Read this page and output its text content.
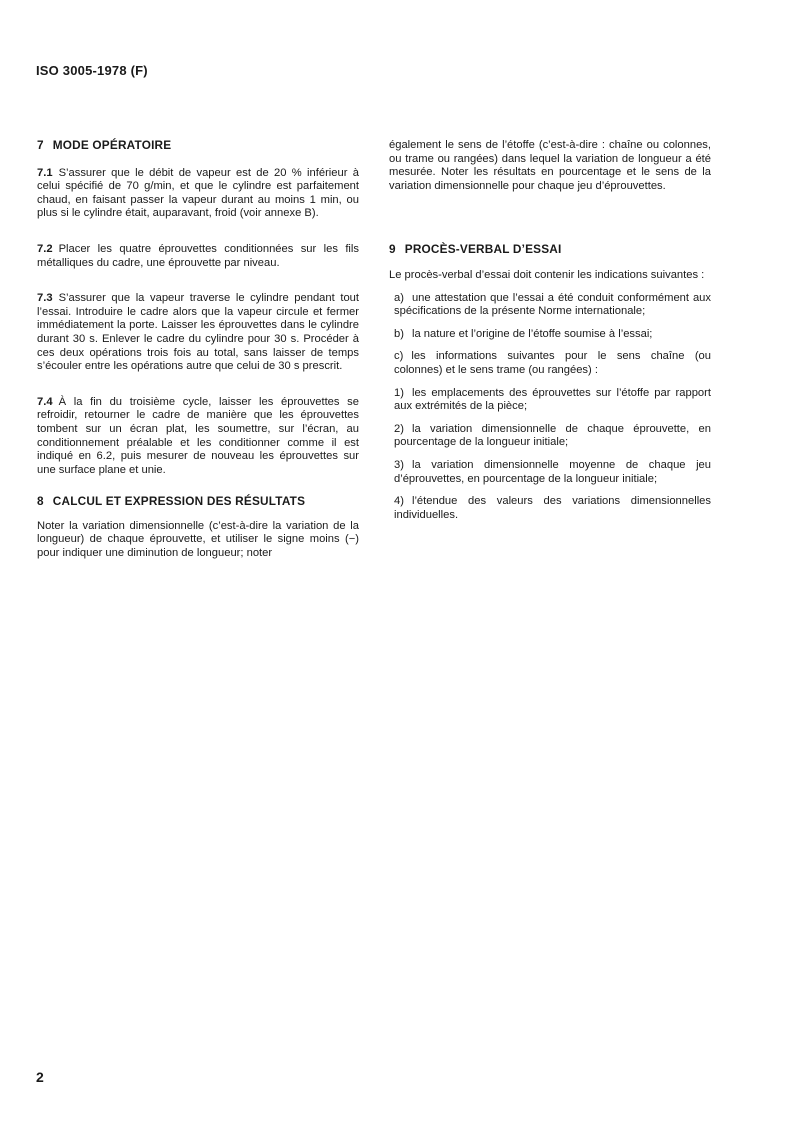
ISO 3005-1978 (F)
7 MODE OPÉRATOIRE

7.1 S’assurer que le débit de vapeur est de 20 % inférieur à celui spécifié de 70 g/min, et que le cylindre est parfaitement chaud, en faisant passer la vapeur durant au moins 1 min, ou plus si le cylindre était, auparavant, froid (voir annexe B).

7.2 Placer les quatre éprouvettes conditionnées sur les fils métalliques du cadre, une éprouvette par niveau.

7.3 S’assurer que la vapeur traverse le cylindre pendant tout l’essai. Introduire le cadre alors que la vapeur circule et fermer immédiatement la porte. Laisser les éprouvettes dans le cylindre durant 30 s. Enlever le cadre du cylindre pour 30 s. Procéder à ces deux opérations trois fois au total, sans laisser de temps s’écouler entre les opérations autre que celui de 30 s prescrit.

7.4 À la fin du troisième cycle, laisser les éprouvettes se refroidir, retourner le cadre de manière que les éprouvettes tombent sur un écran plat, les soumettre, sur l’écran, au conditionnement préalable et les conditionner comme il est indiqué en 6.2, puis mesurer de nouveau les éprouvettes sur une surface plane et unie.

8 CALCUL ET EXPRESSION DES RÉSULTATS

Noter la variation dimensionnelle (c’est-à-dire la variation de la longueur) de chaque éprouvette, et utiliser le signe moins (−) pour indiquer une diminution de longueur; noter

également le sens de l’étoffe (c’est-à-dire : chaîne ou colonnes, ou trame ou rangées) dans lequel la variation de longueur a été mesurée. Noter les résultats en pourcentage et le sens de la variation dimensionnelle pour chaque jeu d’éprouvettes.

9 PROCÈS-VERBAL D’ESSAI

Le procès-verbal d’essai doit contenir les indications suivantes :

a) une attestation que l’essai a été conduit conformément aux spécifications de la présente Norme internationale;

b) la nature et l’origine de l’étoffe soumise à l’essai;

c) les informations suivantes pour le sens chaîne (ou colonnes) et le sens trame (ou rangées) :

1) les emplacements des éprouvettes sur l’étoffe par rapport aux extrémités de la pièce;

2) la variation dimensionnelle de chaque éprouvette, en pourcentage de la longueur initiale;

3) la variation dimensionnelle moyenne de chaque jeu d’éprouvettes, en pourcentage de la longueur initiale;

4) l’étendue des valeurs des variations dimensionnelles individuelles.

2
